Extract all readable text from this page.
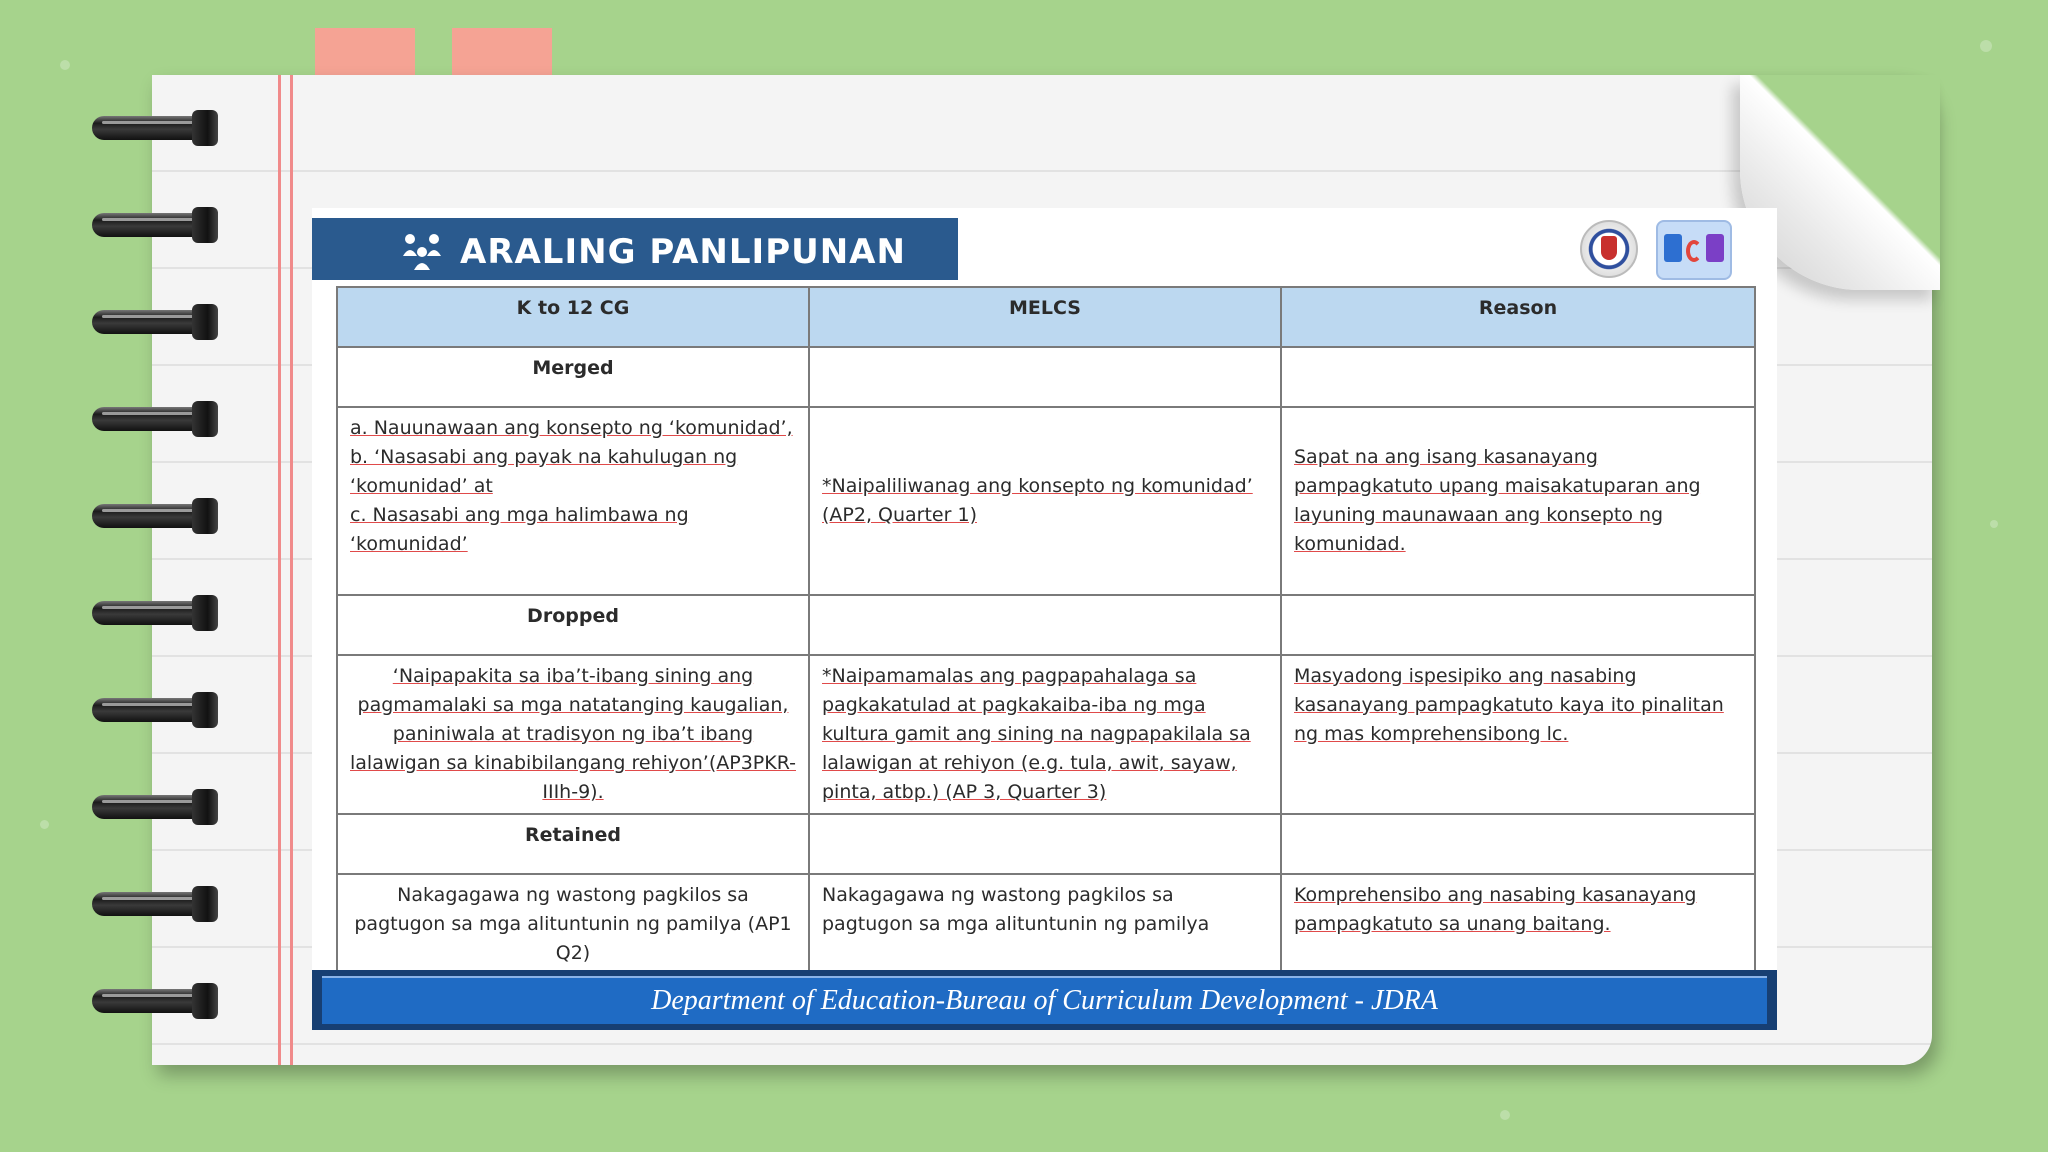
ARALING PANLIPUNAN
K to 12 CG	MELCS	Reason
Merged		

a. Nauunawaan ang konsepto ng ‘komunidad’,
b. ‘Nasasabi ang payak na kahulugan ng ‘komunidad’ at
c. Nasasabi ang mga halimbawa ng ‘komunidad’	*Naipaliliwanag ang konsepto ng komunidad’ (AP2, Quarter 1)	Sapat na ang isang kasanayang pampagkatuto upang maisakatuparan ang layuning maunawaan ang konsepto ng komunidad.
Dropped		
‘Naipapakita sa iba’t-ibang sining ang pagmamalaki sa mga natatanging kaugalian, paniniwala at tradisyon ng iba’t ibang lalawigan sa kinabibilangang rehiyon’(AP3PKR- IIIh-9).	*Naipamamalas ang pagpapahalaga sa pagkakatulad at pagkakaiba-iba ng mga kultura gamit ang sining na nagpapakilala sa lalawigan at rehiyon (e.g. tula, awit, sayaw, pinta, atbp.) (AP 3, Quarter 3)	Masyadong ispesipiko ang nasabing kasanayang pampagkatuto kaya ito pinalitan ng mas komprehensibong lc.
Retained		
Nakagagawa ng wastong pagkilos sa pagtugon sa mga alituntunin ng pamilya (AP1 Q2)	Nakagagawa ng wastong pagkilos sa pagtugon sa mga alituntunin ng pamilya	Komprehensibo ang nasabing kasanayang pampagkatuto sa unang baitang.
Department of Education-Bureau of Curriculum Development - JDRA
